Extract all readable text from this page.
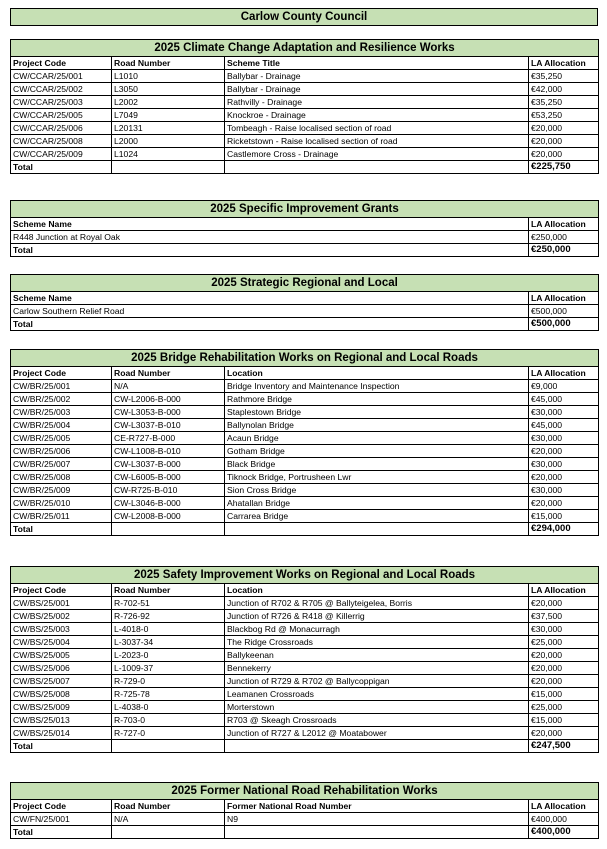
Carlow County Council
2025 Climate Change Adaptation and Resilience Works			
Project Code	Road Number	Scheme Title	LA Allocation
CW/CCAR/25/001	L1010	Ballybar - Drainage	€35,250
CW/CCAR/25/002	L3050	Ballybar - Drainage	€42,000
CW/CCAR/25/003	L2002	Rathvilly - Drainage	€35,250
CW/CCAR/25/005	L7049	Knockroe - Drainage	€53,250
CW/CCAR/25/006	L20131	Tombeagh - Raise localised section of road	€20,000
CW/CCAR/25/008	L2000	Ricketstown - Raise localised section of road	€20,000
CW/CCAR/25/009	L1024	Castlemore Cross - Drainage	€20,000
Total			€225,750
2025 Specific Improvement Grants	
Scheme Name	LA Allocation
R448 Junction at Royal Oak	€250,000
Total	€250,000
2025 Strategic Regional and Local	
Scheme Name	LA Allocation
Carlow Southern Relief Road	€500,000
Total	€500,000
2025 Bridge Rehabilitation Works on Regional and Local Roads			
Project Code	Road Number	Location	LA Allocation
CW/BR/25/001	N/A	Bridge Inventory and Maintenance Inspection	€9,000
CW/BR/25/002	CW-L2006-B-000	Rathmore Bridge	€45,000
CW/BR/25/003	CW-L3053-B-000	Staplestown Bridge	€30,000
CW/BR/25/004	CW-L3037-B-010	Ballynolan Bridge	€45,000
CW/BR/25/005	CE-R727-B-000	Acaun Bridge	€30,000
CW/BR/25/006	CW-L1008-B-010	Gotham Bridge	€20,000
CW/BR/25/007	CW-L3037-B-000	Black Bridge	€30,000
CW/BR/25/008	CW-L6005-B-000	Tiknock Bridge, Portrusheen Lwr	€20,000
CW/BR/25/009	CW-R725-B-010	Sion Cross Bridge	€30,000
CW/BR/25/010	CW-L3046-B-000	Ahatallan Bridge	€20,000
CW/BR/25/011	CW-L2008-B-000	Carrarea Bridge	€15,000
Total			€294,000
2025 Safety Improvement Works on Regional and Local Roads			
Project Code	Road Number	Location	LA Allocation
CW/BS/25/001	R-702-51	Junction of R702 & R705 @ Ballyteigelea, Borris	€20,000
CW/BS/25/002	R-726-92	Junction of R726 & R418 @ Killerrig	€37,500
CW/BS/25/003	L-4018-0	Blackbog Rd @ Monacurragh	€30,000
CW/BS/25/004	L-3037-34	The Ridge Crossroads	€25,000
CW/BS/25/005	L-2023-0	Ballykeenan	€20,000
CW/BS/25/006	L-1009-37	Bennekerry	€20,000
CW/BS/25/007	R-729-0	Junction of R729 & R702 @ Ballycoppigan	€20,000
CW/BS/25/008	R-725-78	Leamanen Crossroads	€15,000
CW/BS/25/009	L-4038-0	Morterstown	€25,000
CW/BS/25/013	R-703-0	R703 @ Skeagh Crossroads	€15,000
CW/BS/25/014	R-727-0	Junction of R727 & L2012 @ Moatabower	€20,000
Total			€247,500
2025 Former National Road Rehabilitation Works			
Project Code	Road Number	Former National Road Number	LA Allocation
CW/FN/25/001	N/A	N9	€400,000
Total			€400,000
